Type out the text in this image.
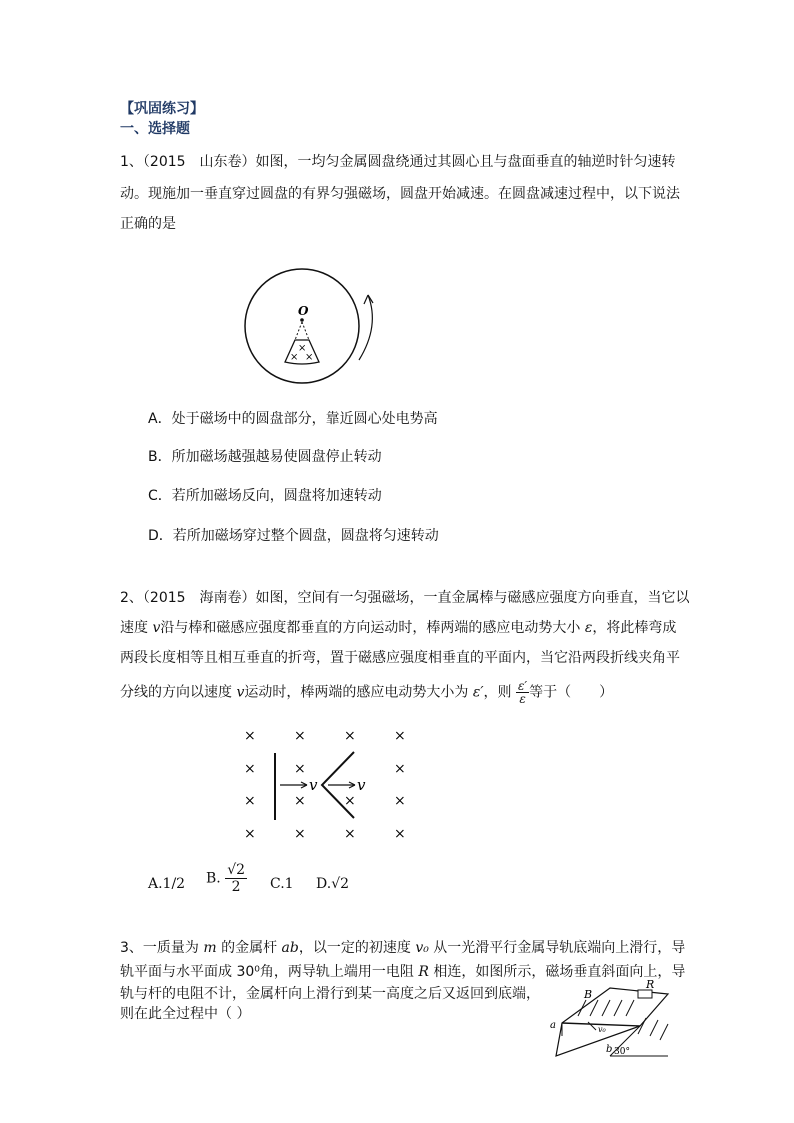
【巩固练习】
一、选择题
1、（2015　山东卷）如图，一均匀金属圆盘绕通过其圆心且与盘面垂直的轴逆时针匀速转
动。现施加一垂直穿过圆盘的有界匀强磁场，圆盘开始减速。在圆盘减速过程中，以下说法
正确的是
O
×
× ×
A．处于磁场中的圆盘部分，靠近圆心处电势高
B．所加磁场越强越易使圆盘停止转动
C．若所加磁场反向，圆盘将加速转动
D．若所加磁场穿过整个圆盘，圆盘将匀速转动
2、（2015　海南卷）如图，空间有一匀强磁场，一直金属棒与磁感应强度方向垂直，当它以
速度 v沿与棒和磁感应强度都垂直的方向运动时，棒两端的感应电动势大小 ε，将此棒弯成
两段长度相等且相互垂直的折弯，置于磁感应强度相垂直的平面内，当它沿两段折线夹角平
分线的方向以速度 v运动时，棒两端的感应电动势大小为 ε′，则 $\frac{\varepsilon'}{\varepsilon}$ 等于（　　）
×	×	×	×
×	×	×
×	×	×	×
×	×	×	×
v	v
A.1/2 B. $\frac{√2}{2} C.1$ D.√2
3、一质量为 m 的金属杆 ab，以一定的初速度 v₀ 从一光滑平行金属导轨底端向上滑行，导
轨平面与水平面成 30⁰角，两导轨上端用一电阻 R 相连，如图所示，磁场垂直斜面向上，导
轨与杆的电阻不计，金属杆向上滑行到某一高度之后又返回到底端，
则在此全过程中（ ）
B
R
a
b
v₀
30°
